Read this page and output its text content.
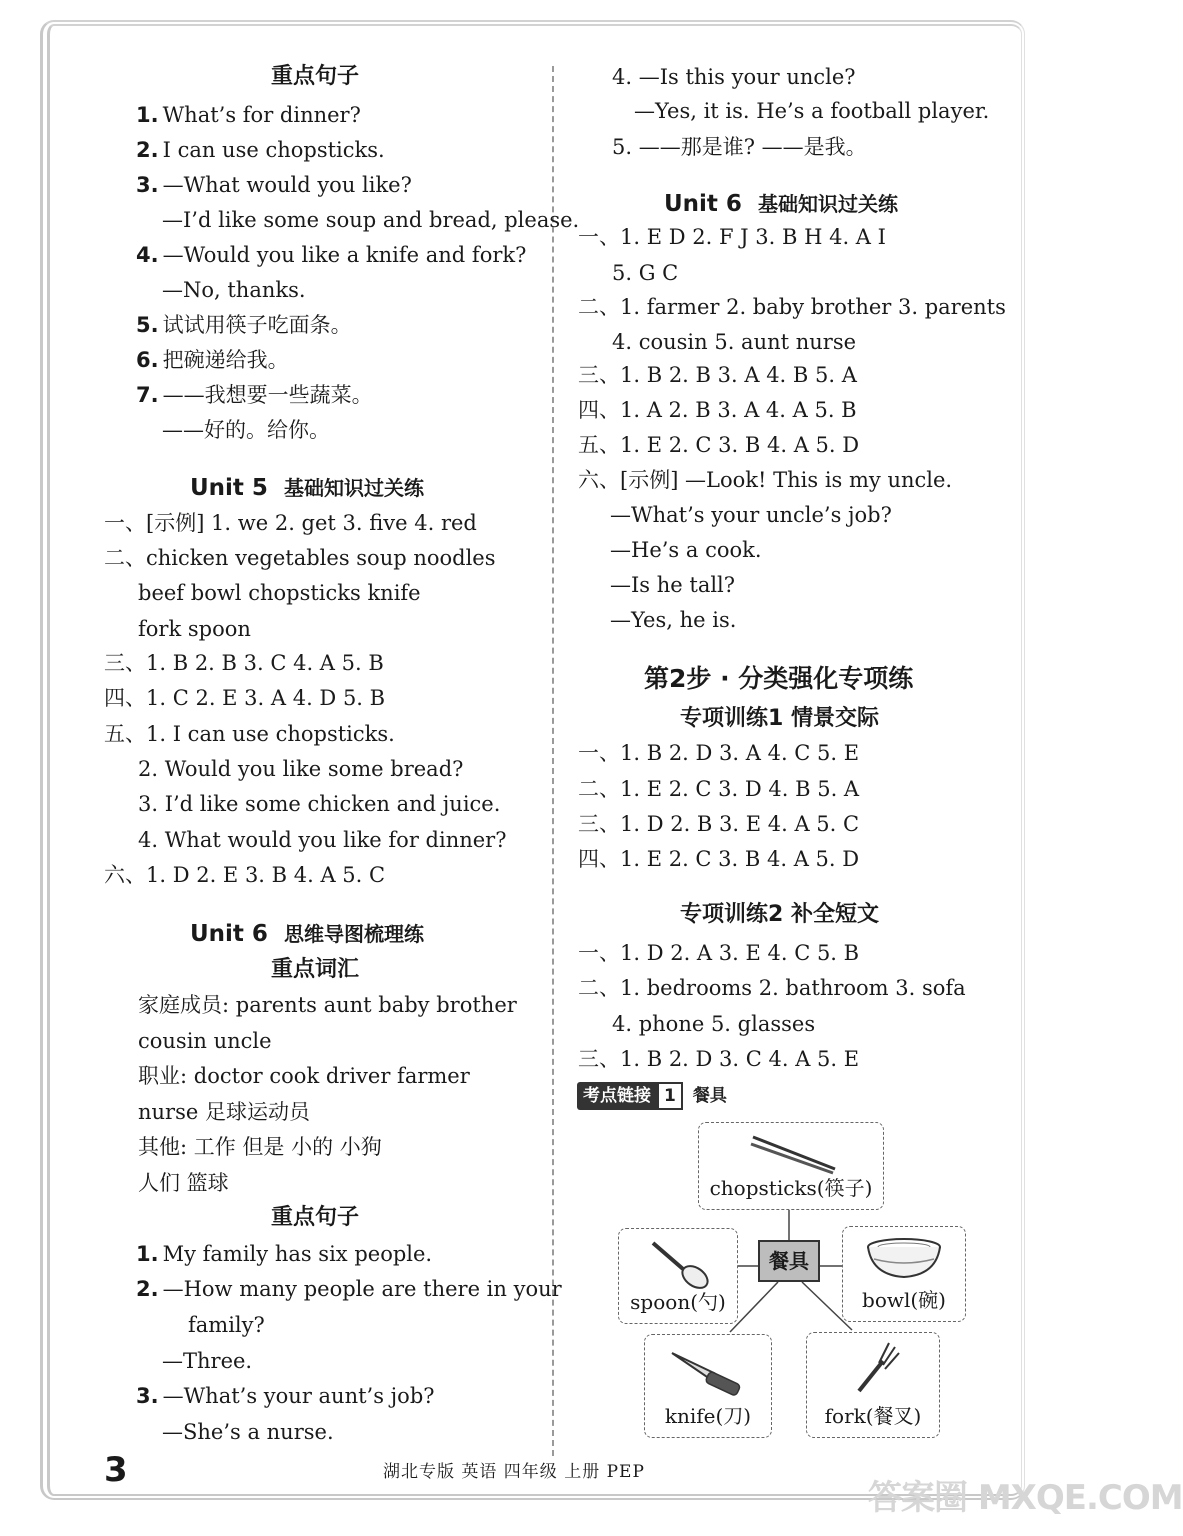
重点句子
1. What’s for dinner?
2. I can use chopsticks.
3. —What would you like?
—I’d like some soup and bread, please.
4. —Would you like a knife and fork?
—No, thanks.
5. 试试用筷子吃面条。
6. 把碗递给我。
7. ——我想要一些蔬菜。
——好的。给你。
Unit 5 基础知识过关练
一、[示例] 1. we 2. get 3. five 4. red
二、chicken vegetables soup noodles
beef bowl chopsticks knife
fork spoon
三、1. B 2. B 3. C 4. A 5. B
四、1. C 2. E 3. A 4. D 5. B
五、1. I can use chopsticks.
2. Would you like some bread?
3. I’d like some chicken and juice.
4. What would you like for dinner?
六、1. D 2. E 3. B 4. A 5. C
Unit 6 思维导图梳理练
重点词汇
家庭成员: parents aunt baby brother
cousin uncle
职业: doctor cook driver farmer
nurse 足球运动员
其他: 工作 但是 小的 小狗
人们 篮球
重点句子
1. My family has six people.
2. —How many people are there in your
family?
—Three.
3. —What’s your aunt’s job?
—She’s a nurse.
4. —Is this your uncle?
—Yes, it is. He’s a football player.
5. ——那是谁? ——是我。
Unit 6 基础知识过关练
一、1. E D 2. F J 3. B H 4. A I
5. G C
二、1. farmer 2. baby brother 3. parents
4. cousin 5. aunt nurse
三、1. B 2. B 3. A 4. B 5. A
四、1. A 2. B 3. A 4. A 5. B
五、1. E 2. C 3. B 4. A 5. D
六、[示例] —Look! This is my uncle.
—What’s your uncle’s job?
—He’s a cook.
—Is he tall?
—Yes, he is.
第2步 · 分类强化专项练
专项训练1 情景交际
一、1. B 2. D 3. A 4. C 5. E
二、1. E 2. C 3. D 4. B 5. A
三、1. D 2. B 3. E 4. A 5. C
四、1. E 2. C 3. B 4. A 5. D
专项训练2 补全短文
一、1. D 2. A 3. E 4. C 5. B
二、1. bedrooms 2. bathroom 3. sofa
4. phone 5. glasses
三、1. B 2. D 3. C 4. A 5. E
考点链接 1 餐具
chopsticks(筷子)
餐具
spoon(勺)	bowl(碗)
knife(刀)	fork(餐叉)
3	湖北专版 英语 四年级 上册 PEP
答案圈 MXQE.COM
